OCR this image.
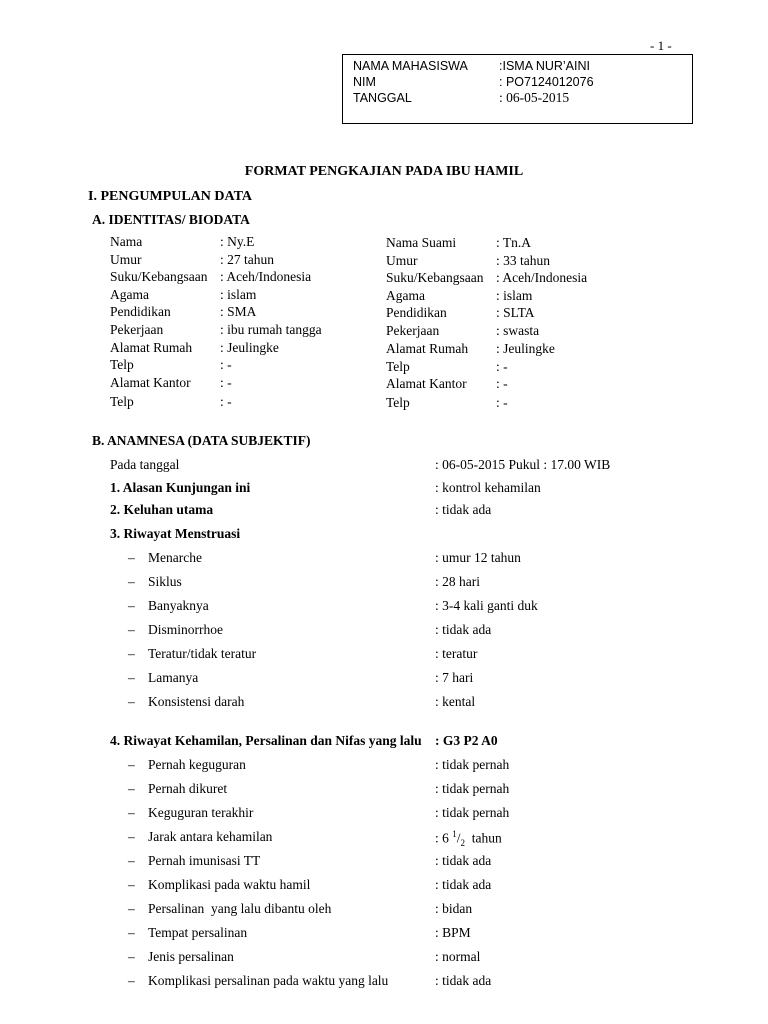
- 1 -
NAMA MAHASISWA :ISMA NUR’AINI
NIM	: PO7124012076
TANGGAL	: 06-05-2015
FORMAT PENGKAJIAN PADA IBU HAMIL
I. PENGUMPULAN DATA
A. IDENTITAS/ BIODATA
Nama	: Ny.E
Umur	: 27 tahun
Suku/Kebangsaan : Aceh/Indonesia
Agama	: islam
Pendidikan	: SMA
Pekerjaan	: ibu rumah tangga
Alamat Rumah : Jeulingke
Telp	: -
Alamat Kantor : -
Telp	: -
Nama Suami	: Tn.A
Umur	: 33 tahun
Suku/Kebangsaan : Aceh/Indonesia
Agama	: islam
Pendidikan	: SLTA
Pekerjaan	: swasta
Alamat Rumah : Jeulingke
Telp	: -
Alamat Kantor : -
Telp	: -
B. ANAMNESA (DATA SUBJEKTIF)
Pada tanggal	: 06-05-2015 Pukul : 17.00 WIB
1. Alasan Kunjungan ini	: kontrol kehamilan
2. Keluhan utama	: tidak ada
3. Riwayat Menstruasi
– Menarche	: umur 12 tahun
– Siklus	: 28 hari
– Banyaknya	: 3-4 kali ganti duk
– Disminorrhoe	: tidak ada
– Teratur/tidak teratur	: teratur
– Lamanya	: 7 hari
– Konsistensi darah	: kental
4. Riwayat Kehamilan, Persalinan dan Nifas yang lalu : G3 P2 A0
– Pernah keguguran	: tidak pernah
– Pernah dikuret	: tidak pernah
– Keguguran terakhir	: tidak pernah
– Jarak antara kehamilan	: 6 $^1/_2$  tahun
– Pernah imunisasi TT	: tidak ada
– Komplikasi pada waktu hamil	: tidak ada
– Persalinan  yang lalu dibantu oleh	: bidan
– Tempat persalinan	: BPM
– Jenis persalinan	: normal
– Komplikasi persalinan pada waktu yang lalu	: tidak ada
